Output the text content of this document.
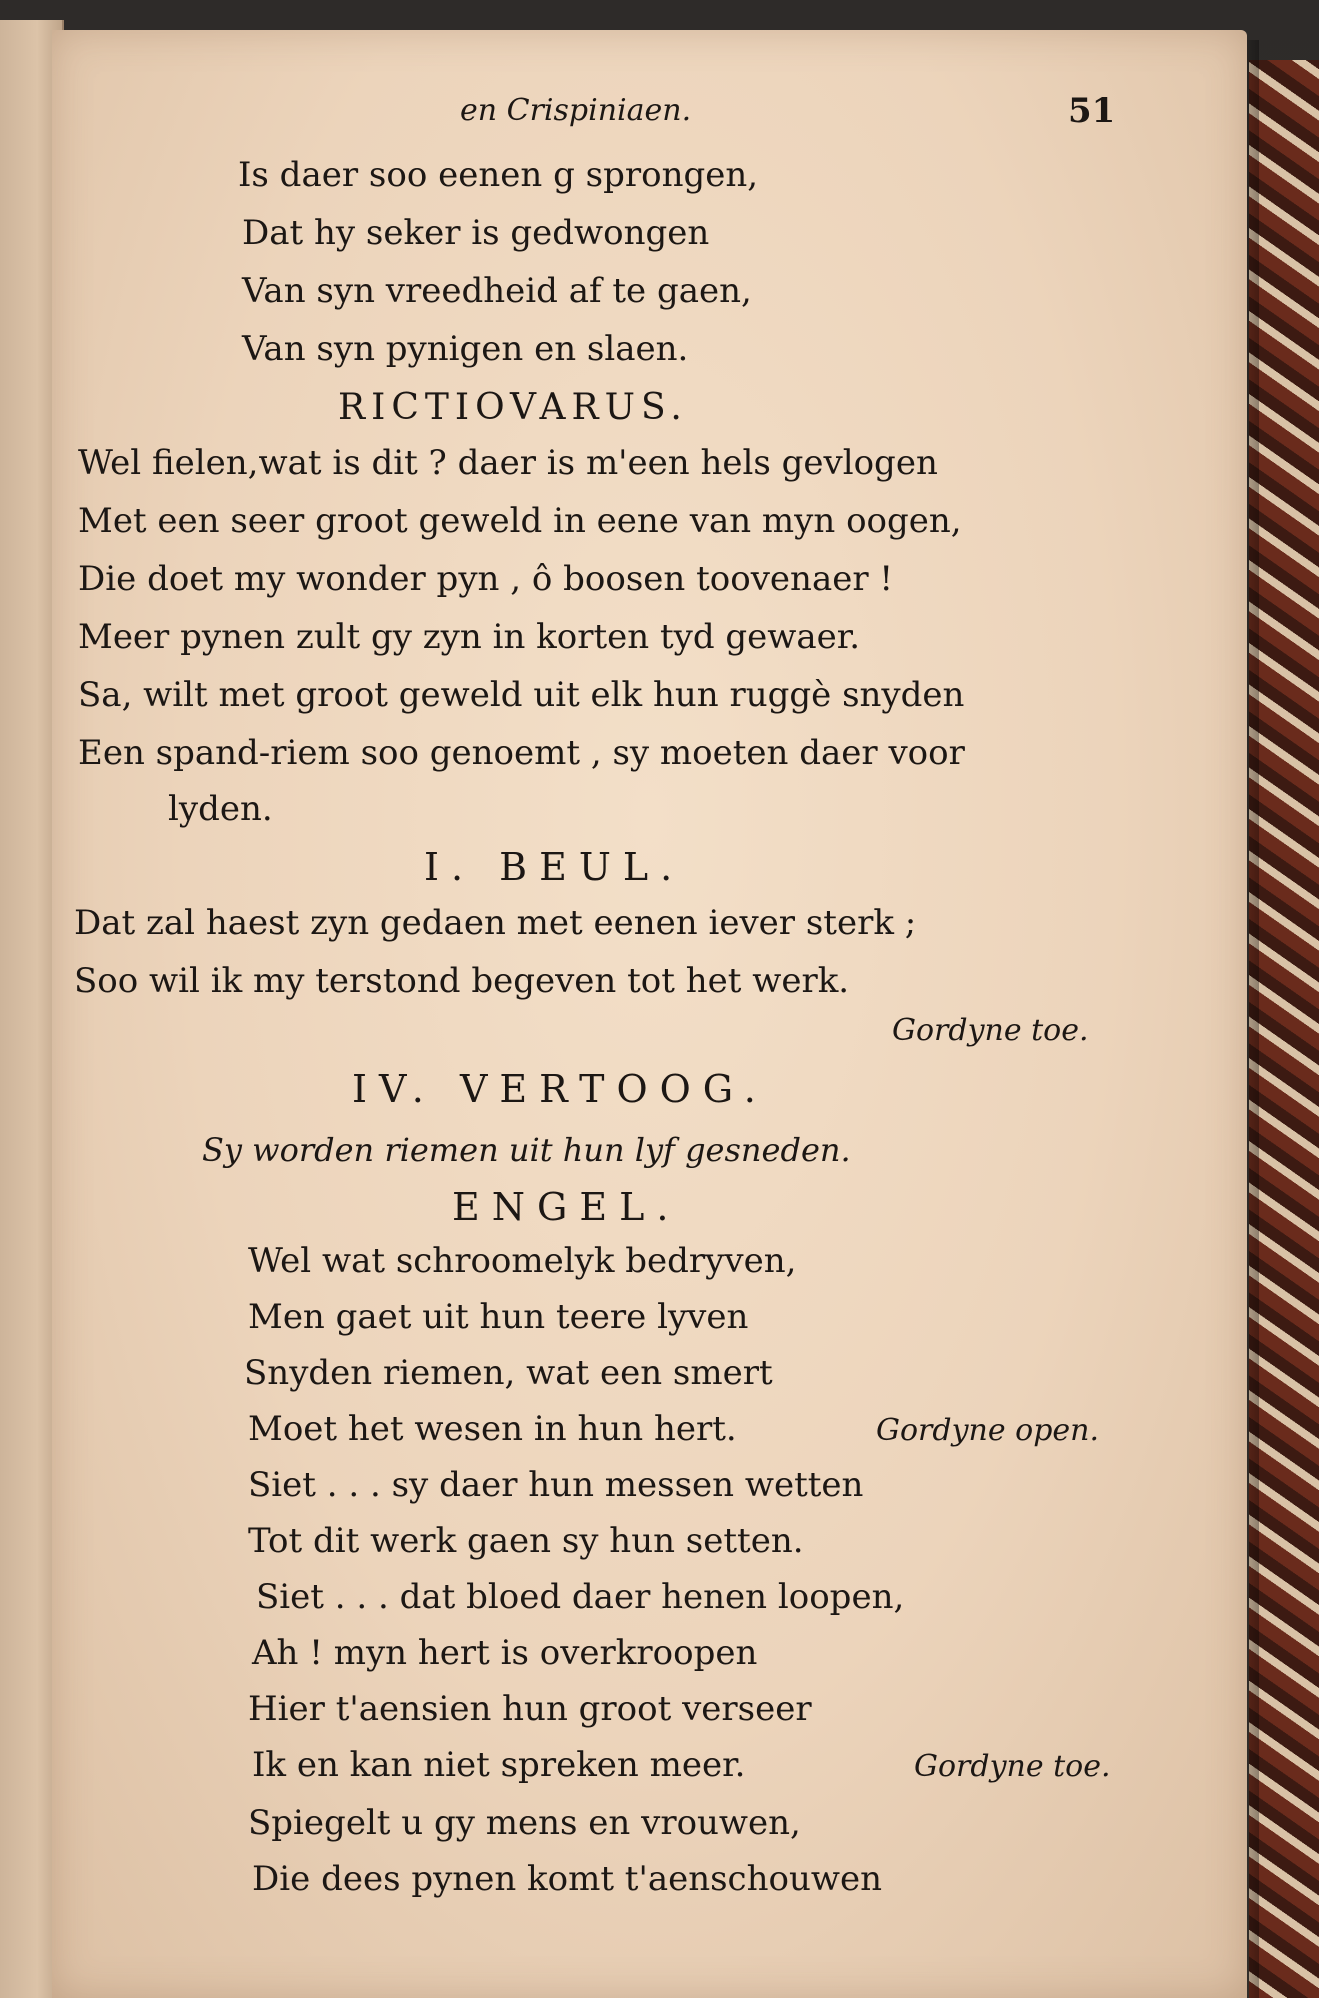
en Crispiniaen.	51
Is daer soo eenen g sprongen,
Dat hy seker is gedwongen
Van syn vreedheid af te gaen,
Van syn pynigen en slaen.
RICTIOVARUS.
Wel fielen,wat is dit ? daer is m'een hels gevlogen
Met een seer groot geweld in eene van myn oogen,
Die doet my wonder pyn , ô boosen toovenaer !
Meer pynen zult gy zyn in korten tyd gewaer.
Sa, wilt met groot geweld uit elk hun ruggè snyden
Een spand-riem soo genoemt , sy moeten daer voor
lyden.
I. BEUL.
Dat zal haest zyn gedaen met eenen iever sterk ;
Soo wil ik my terstond begeven tot het werk.
Gordyne toe.
IV. VERTOOG.
Sy worden riemen uit hun lyf gesneden.
ENGEL.
Wel wat schroomelyk bedryven,
Men gaet uit hun teere lyven
Snyden riemen, wat een smert
Moet het wesen in hun hert.	Gordyne open.
Siet . . . sy daer hun messen wetten
Tot dit werk gaen sy hun setten.
Siet . . . dat bloed daer henen loopen,
Ah ! myn hert is overkroopen
Hier t'aensien hun groot verseer
Ik en kan niet spreken meer.	Gordyne toe.
Spiegelt u gy mens en vrouwen,
Die dees pynen komt t'aenschouwen
